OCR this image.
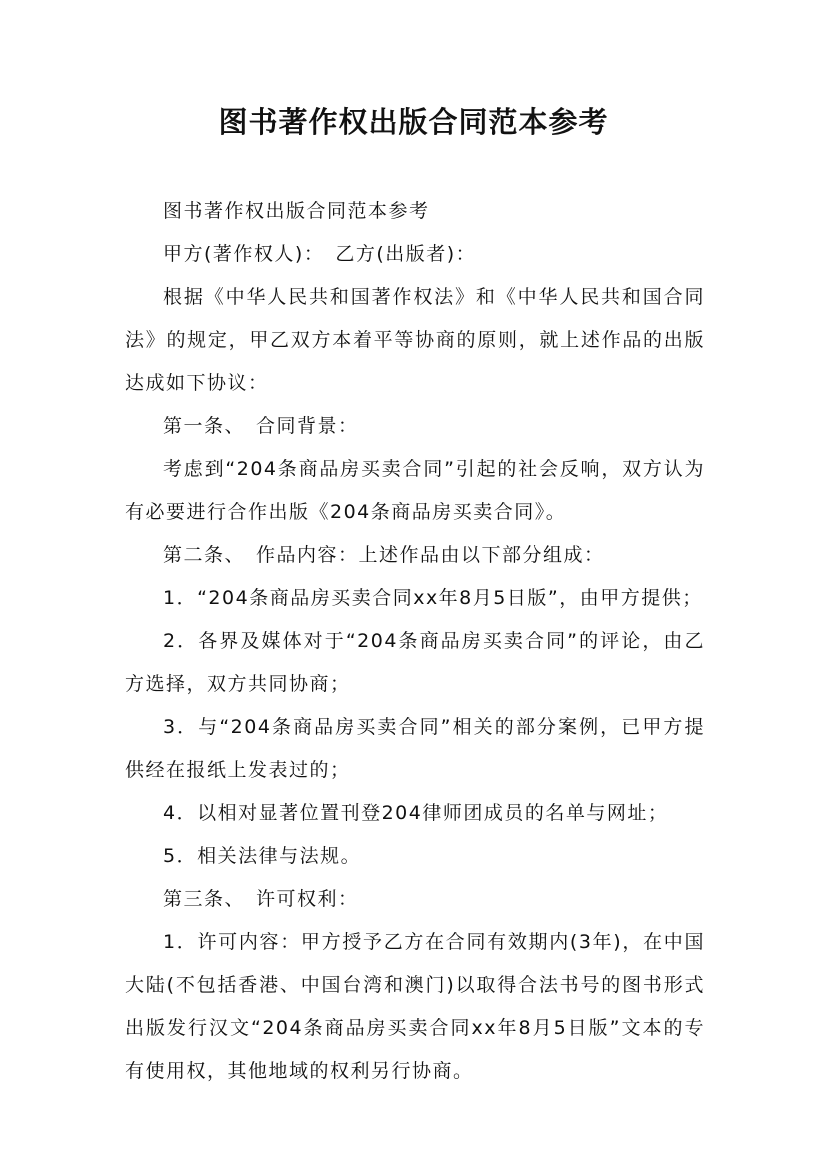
图书著作权出版合同范本参考

图书著作权出版合同范本参考

甲方(著作权人)：　乙方(出版者)：

根据《中华人民共和国著作权法》和《中华人民共和国合同法》的规定，甲乙双方本着平等协商的原则，就上述作品的出版达成如下协议：

第一条、　合同背景：

考虑到“204条商品房买卖合同”引起的社会反响，双方认为有必要进行合作出版《204条商品房买卖合同》。

第二条、　作品内容：上述作品由以下部分组成：

1．“204条商品房买卖合同xx年8月5日版”，由甲方提供；

2．各界及媒体对于“204条商品房买卖合同”的评论，由乙方选择，双方共同协商；

3．与“204条商品房买卖合同”相关的部分案例，已甲方提供经在报纸上发表过的；

4．以相对显著位置刊登204律师团成员的名单与网址；

5．相关法律与法规。

第三条、　许可权利：

1．许可内容：甲方授予乙方在合同有效期内(3年)，在中国大陆(不包括香港、中国台湾和澳门)以取得合法书号的图书形式出版发行汉文“204条商品房买卖合同xx年8月5日版”文本的专有使用权，其他地域的权利另行协商。
